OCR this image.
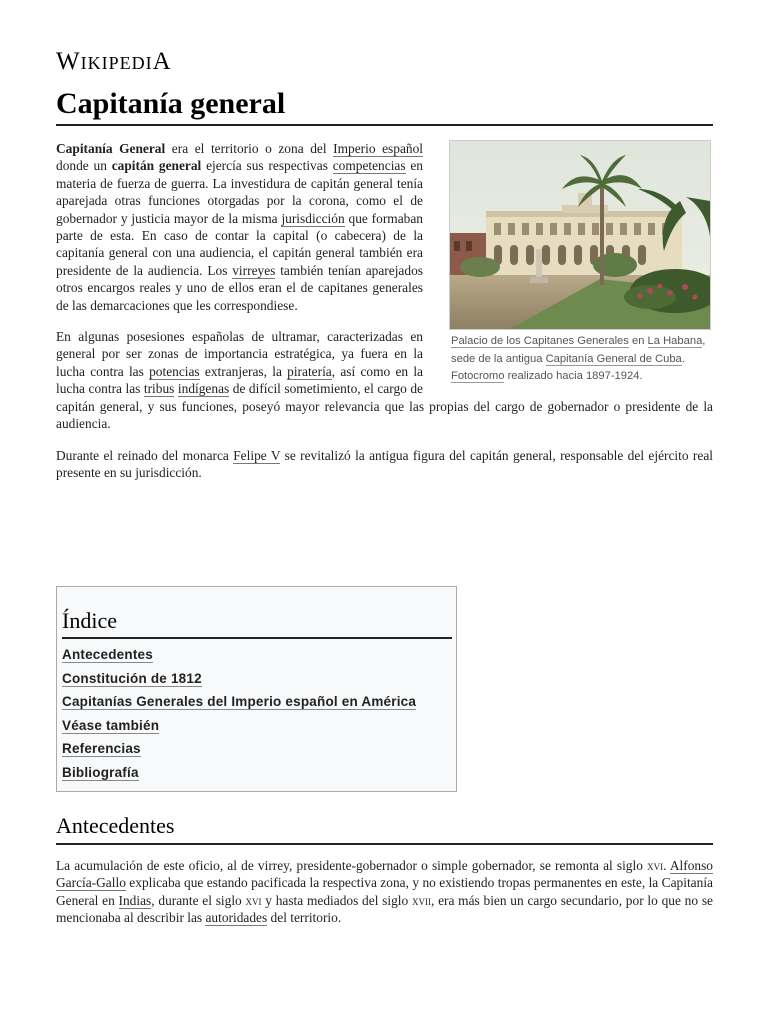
WIKIPEDIA
Capitanía general
Palacio de los Capitanes Generales en La Habana, sede de la antigua Capitanía General de Cuba. Fotocromo realizado hacia 1897-1924.

Capitanía General era el territorio o zona del Imperio español donde un capitán general ejercía sus respectivas competencias en materia de fuerza de guerra. La investidura de capitán general tenía aparejada otras funciones otorgadas por la corona, como el de gobernador y justicia mayor de la misma jurisdicción que formaban parte de esta. En caso de contar la capital (o cabecera) de la capitanía general con una audiencia, el capitán general también era presidente de la audiencia. Los virreyes también tenían aparejados otros encargos reales y uno de ellos eran el de capitanes generales de las demarcaciones que les correspondiese.

En algunas posesiones españolas de ultramar, caracterizadas en general por ser zonas de importancia estratégica, ya fuera en la lucha contra las potencias extranjeras, la piratería, así como en la lucha contra las tribus indígenas de difícil sometimiento, el cargo de capitán general, y sus funciones, poseyó mayor relevancia que las propias del cargo de gobernador o presidente de la audiencia.

Durante el reinado del monarca Felipe V se revitalizó la antigua figura del capitán general, responsable del ejército real presente en su jurisdicción.

Índice
Antecedentes
Constitución de 1812
Capitanías Generales del Imperio español en América
Véase también
Referencias
Bibliografía
Antecedentes

La acumulación de este oficio, al de virrey, presidente-gobernador o simple gobernador, se remonta al siglo xvi. Alfonso García-Gallo explicaba que estando pacificada la respectiva zona, y no existiendo tropas permanentes en este, la Capitanía General en Indias, durante el siglo xvi y hasta mediados del siglo xvii, era más bien un cargo secundario, por lo que no se mencionaba al describir las autoridades del territorio.
